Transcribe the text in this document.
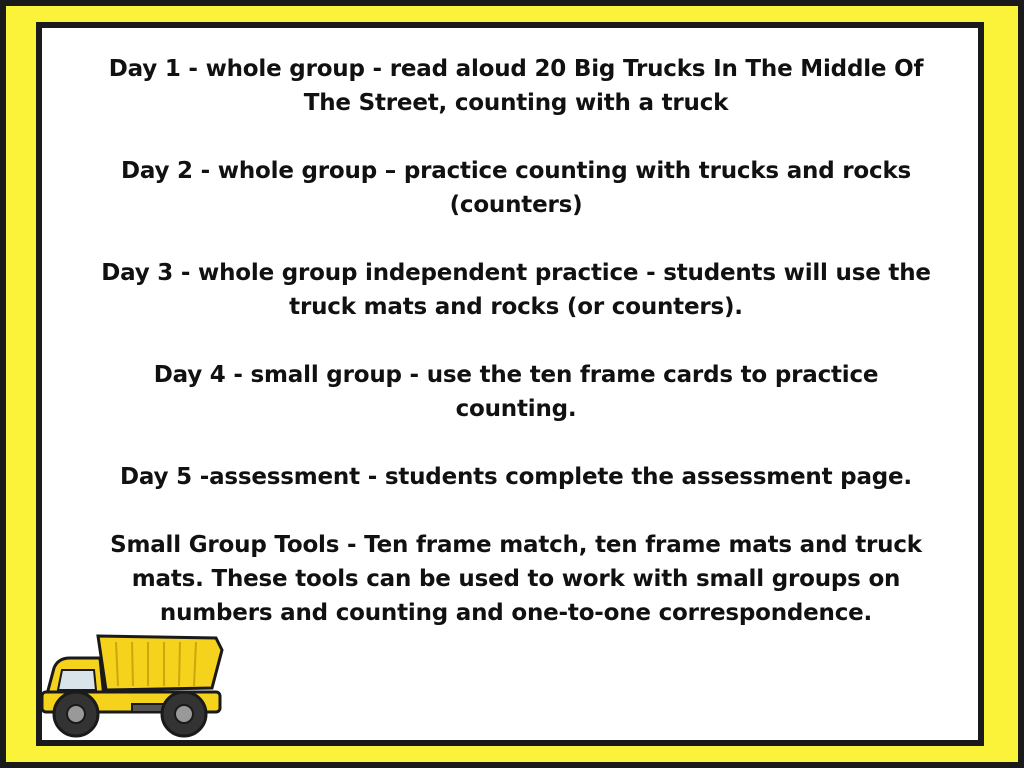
Day 1 - whole group - read aloud 20 Big Trucks In The Middle Of The Street, counting with a truck

Day 2 - whole group – practice counting with trucks and rocks (counters)

Day 3 - whole group independent practice - students will use the truck mats and rocks (or counters).

Day 4 - small group - use the ten frame cards to practice counting.

Day 5 -assessment - students complete the assessment page.

Small Group Tools - Ten frame match, ten frame mats and truck mats. These tools can be used to work with small groups on numbers and counting and one-to-one correspondence.
